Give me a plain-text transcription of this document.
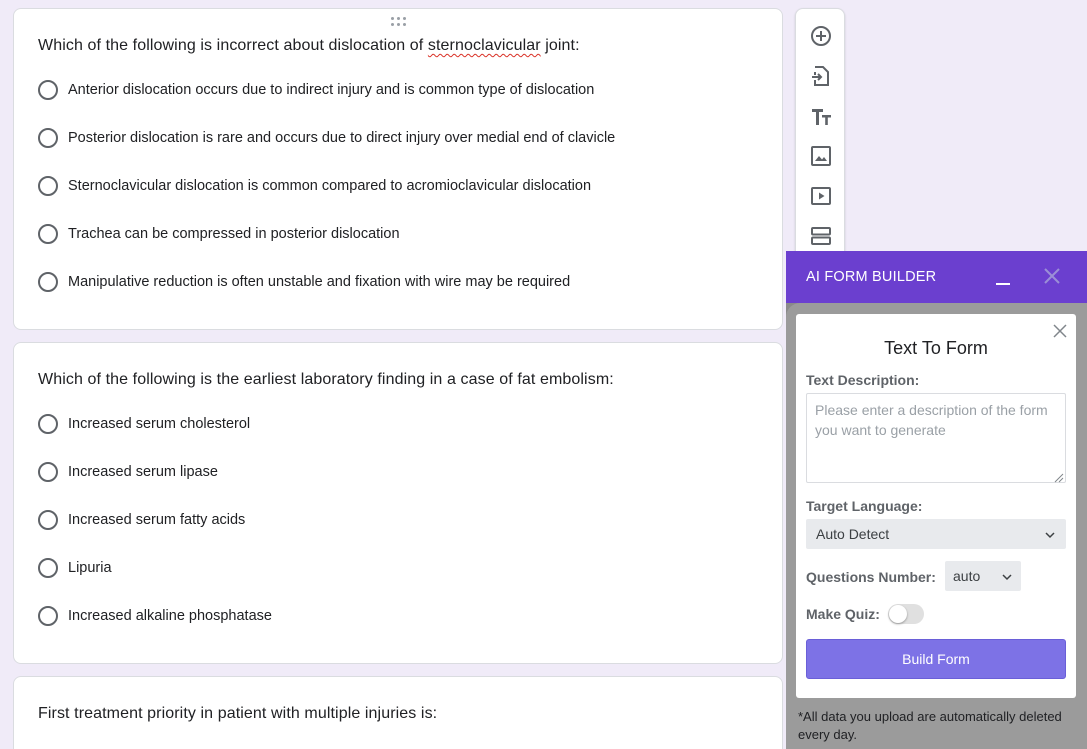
Which of the following is incorrect about dislocation of sternoclavicular joint:
Anterior dislocation occurs due to indirect injury and is common type of dislocation
Posterior dislocation is rare and occurs due to direct injury over medial end of clavicle
Sternoclavicular dislocation is common compared to acromioclavicular dislocation
Trachea can be compressed in posterior dislocation
Manipulative reduction is often unstable and fixation with wire may be required
Which of the following is the earliest laboratory finding in a case of fat embolism:
Increased serum cholesterol
Increased serum lipase
Increased serum fatty acids
Lipuria
Increased alkaline phosphatase
First treatment priority in patient with multiple injuries is:
AI FORM BUILDER
Text To Form
Text Description:
Please enter a description of the form you want to generate
Target Language:
Auto Detect
Questions Number: auto
Make Quiz:
Build Form
*All data you upload are automatically deleted every day.
